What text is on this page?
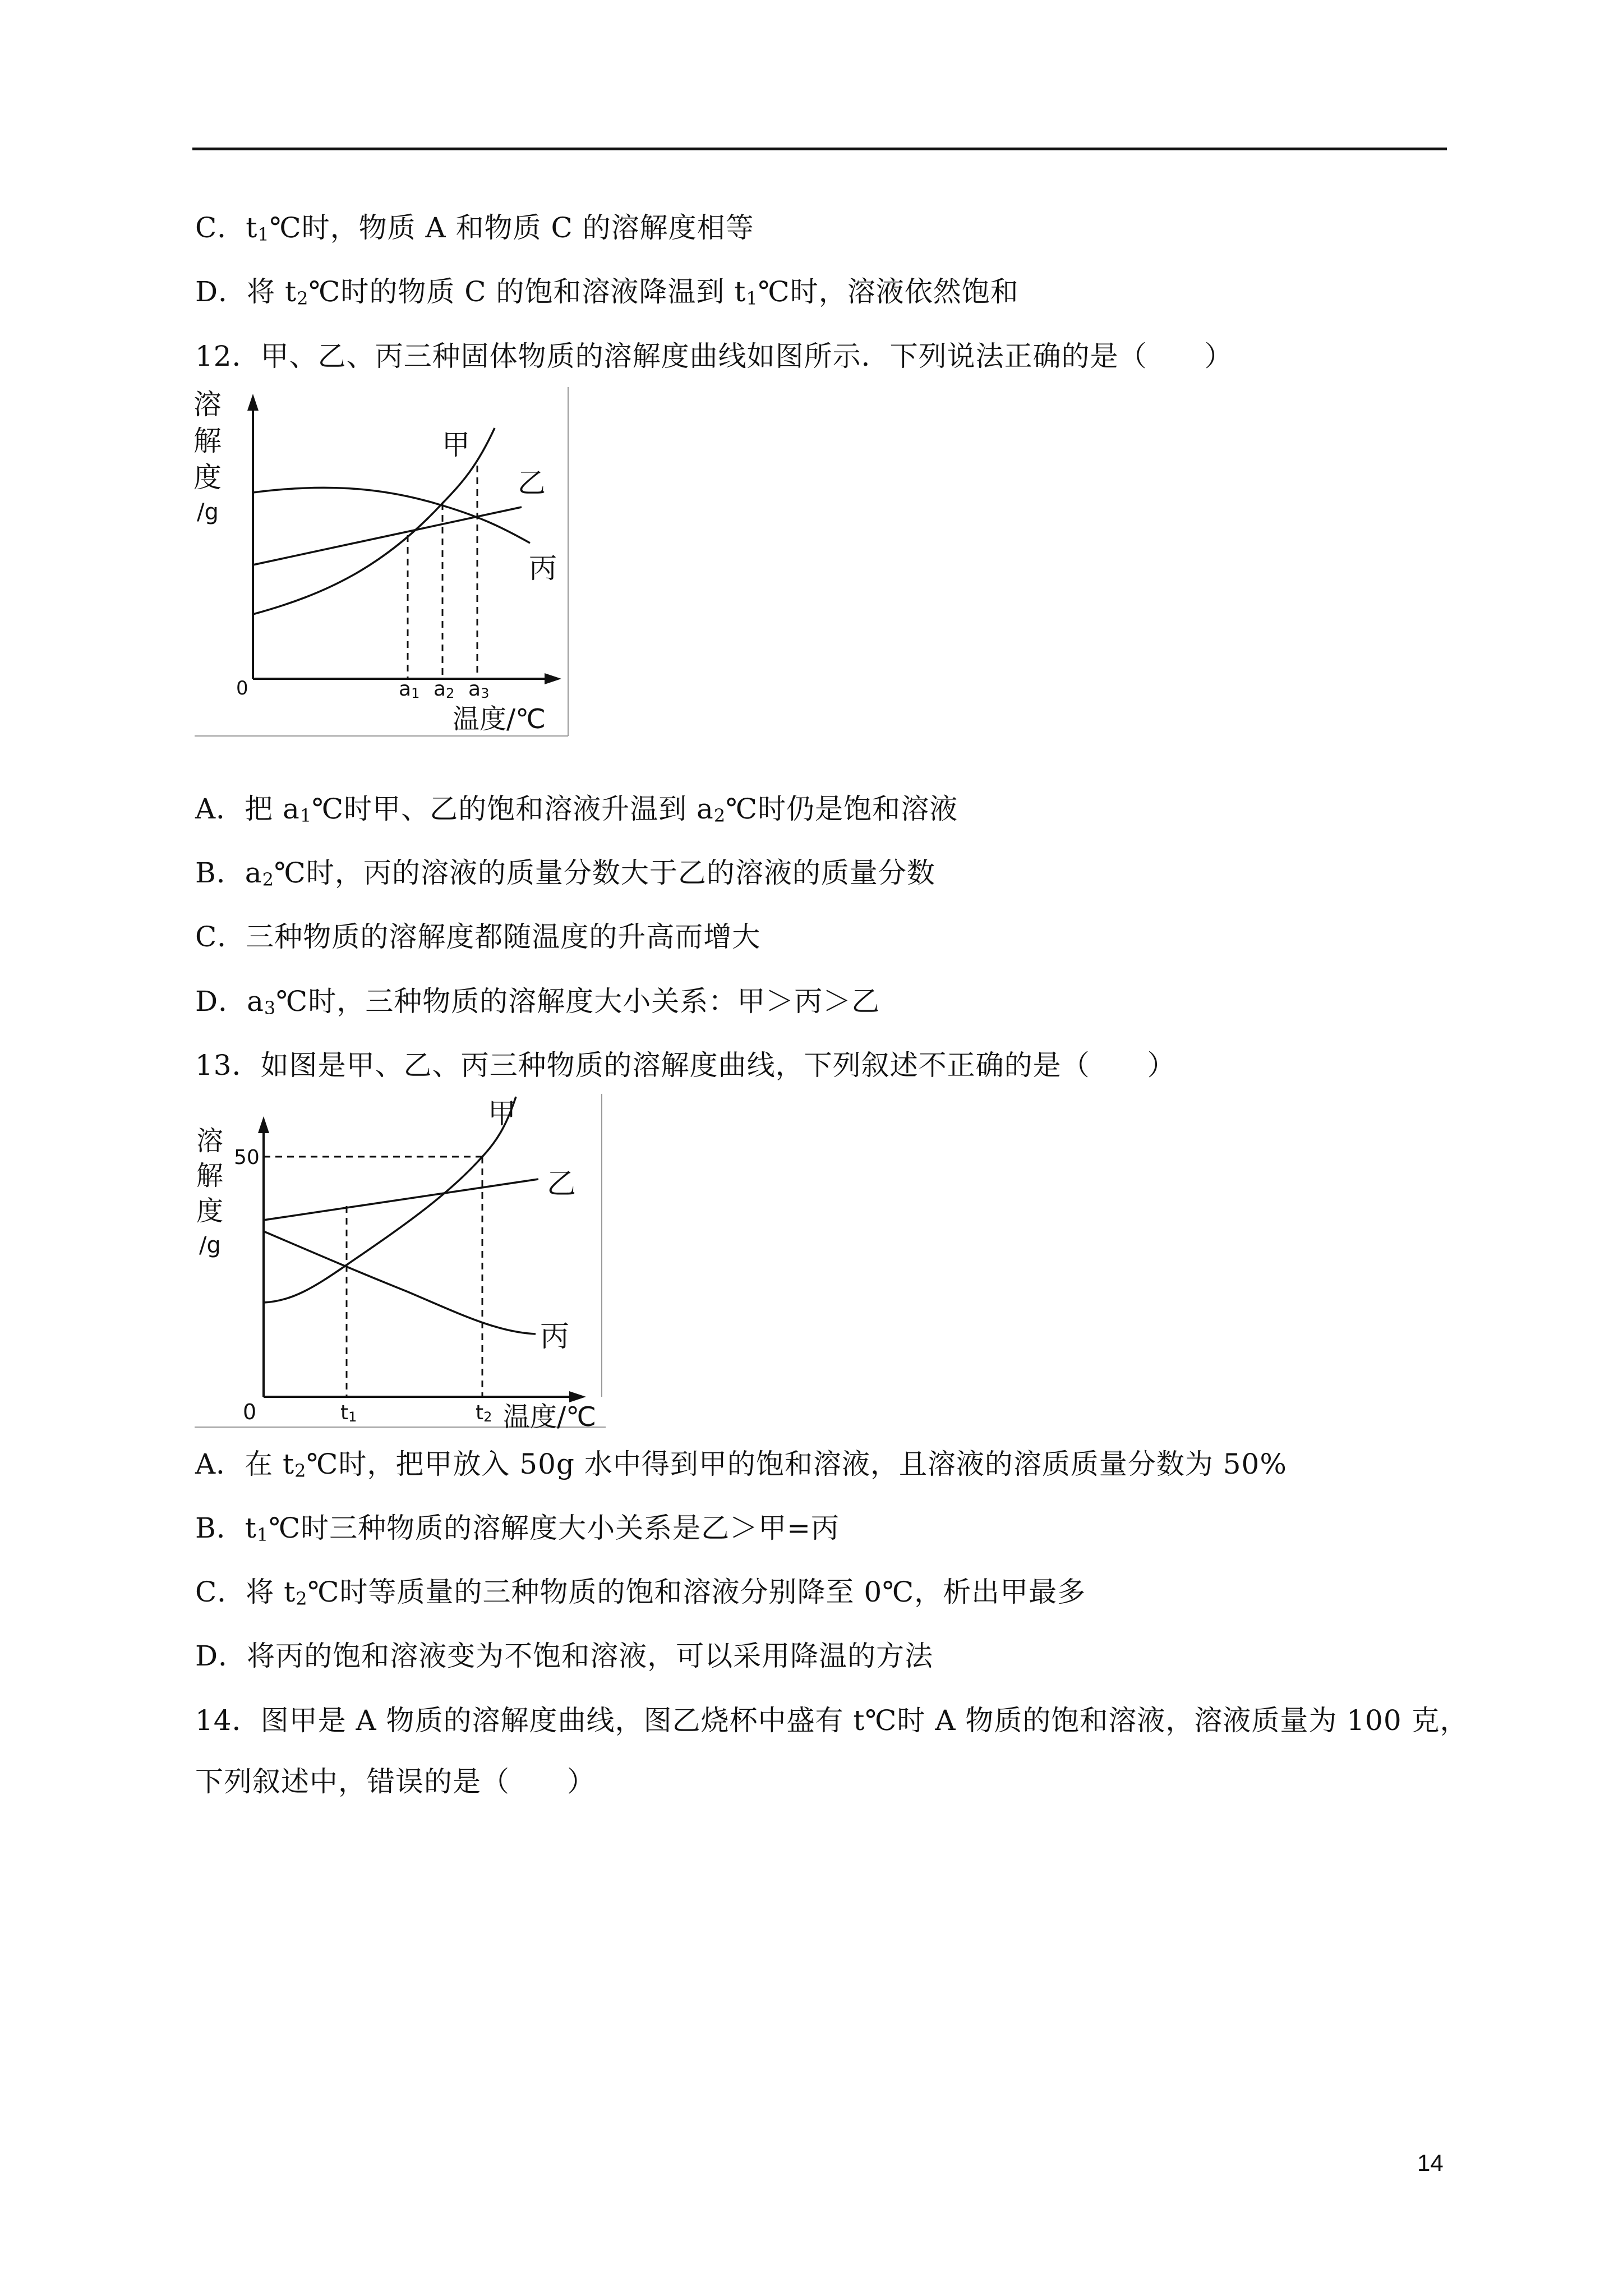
C．$t_1℃$时，物质 A 和物质 C 的溶解度相等
D．将 $t_2℃$时的物质 C 的饱和溶液降温到 $t_1℃$时，溶液依然饱和
12．甲、乙、丙三种固体物质的溶解度曲线如图所示．下列说法正确的是（　　）
溶
解
度
/g
0	a1 a2 a3
甲
乙
丙
温度/℃
A．把 $a_1℃$时甲、乙的饱和溶液升温到 $a_2℃$时仍是饱和溶液
B．$a_2℃$时，丙的溶液的质量分数大于乙的溶液的质量分数
C．三种物质的溶解度都随温度的升高而增大
D．$a_3℃$时，三种物质的溶解度大小关系：甲＞丙＞乙
13．如图是甲、乙、丙三种物质的溶解度曲线，下列叙述不正确的是（　　）
溶
解
度
/g
50
0	t1	t2
甲
乙
丙
温度/℃
A．在 $t_2℃$时，把甲放入 50g 水中得到甲的饱和溶液，且溶液的溶质质量分数为 50%
B．$t_1℃$时三种物质的溶解度大小关系是乙＞甲=丙
C．将 $t_2℃$时等质量的三种物质的饱和溶液分别降至 0℃，析出甲最多
D．将丙的饱和溶液变为不饱和溶液，可以采用降温的方法
14．图甲是 A 物质的溶解度曲线，图乙烧杯中盛有 t℃时 A 物质的饱和溶液，溶液质量为 100 克，
下列叙述中，错误的是（　　）
14
